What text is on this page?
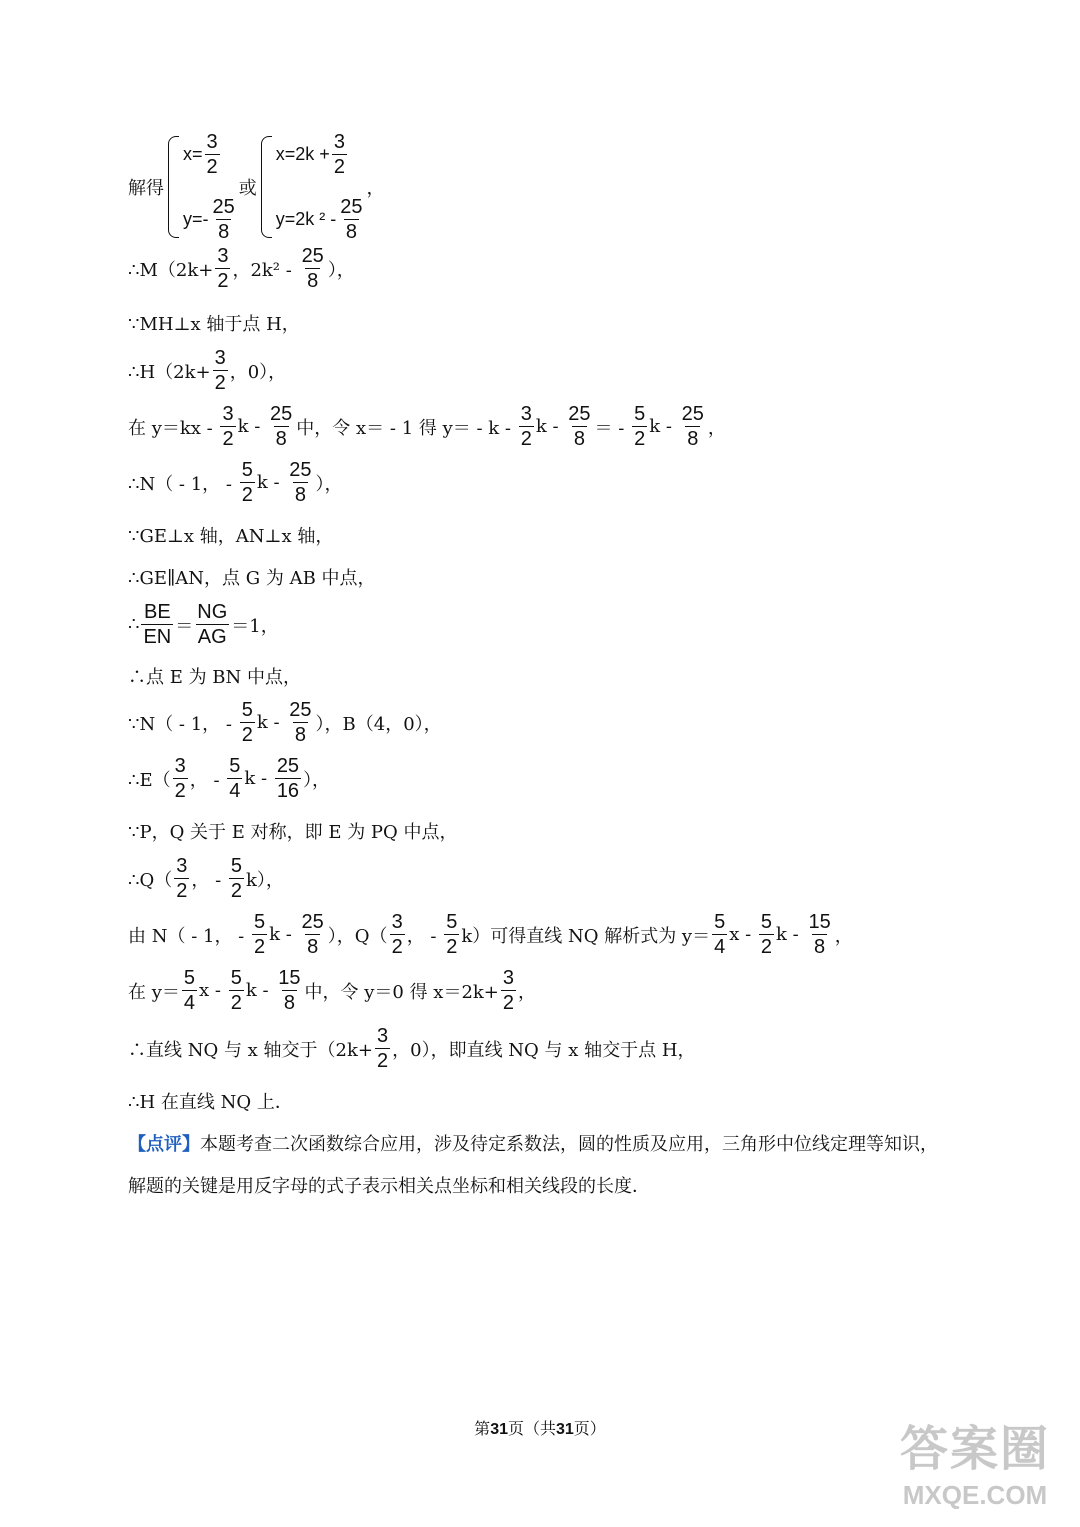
解得
$x= \frac{3}{2}$
$y=- \frac{25}{8}$
或
$x=2k + \frac{3}{2}$
y=2k $^2 - \frac{25}{8}$
，
∴M（2k+ $\frac{3}{2}$ ，$2k^2 - \frac{25}{8}$ ），
∵MH⊥x 轴于点 H，
∴H（2k+ $\frac{3}{2}$ ，0），
在 $y=kx - \frac{3}{2}$ k - $\frac{25}{8}$ 中，令 x＝ - 1 得 $y= - k - \frac{3}{2}$ k - $\frac{25}{8}$ ＝ - $\frac{5}{2}$ k - $\frac{25}{8}$ ，
∴N（ - 1， - $\frac{5}{2}$ k - $\frac{25}{8}$ ），
∵GE⊥x 轴，AN⊥x 轴，
∴GE∥AN，点 G 为 AB 中点，
∴ $\frac{BE}{EN} = \frac{NG}{AG} =1$，
∴点 E 为 BN 中点，
∵N（ - 1， - $\frac{5}{2}$ k - $\frac{25}{8}$ ），B（4，0），
∴E（ $\frac{3}{2}$ ， - $\frac{5}{4}$ k - $\frac{25}{16}$ ），
∵P，Q 关于 E 对称，即 E 为 PQ 中点，
∴Q（ $\frac{3}{2}$ ， - $\frac{5}{2} k$），
由 N（ - 1， - $\frac{5}{2}$ k - $\frac{25}{8}$ ），$Q( \frac{3}{2}$ ， - $\frac{5}{2} k$）可得直线 NQ 解析式为 $y= \frac{5}{4}$ x - $\frac{5}{2}$ k - $\frac{15}{8}$ ，
在 $y= \frac{5}{4}$ x - $\frac{5}{2}$ k - $\frac{15}{8}$ 中，令 y＝0 得 $x=2k+ \frac{3}{2}$ ，
∴直线 NQ 与 x 轴交于（$2k+ \frac{3}{2}$ ，0），即直线 NQ 与 x 轴交于点 H，
∴H 在直线 NQ 上．
【点评】 本题考查二次函数综合应用，涉及待定系数法，圆的性质及应用，三角形中位线定理等知识，
解题的关键是用反字母的式子表示相关点坐标和相关线段的长度．
第31页（共31页）	答案圈
MXQE.COM
